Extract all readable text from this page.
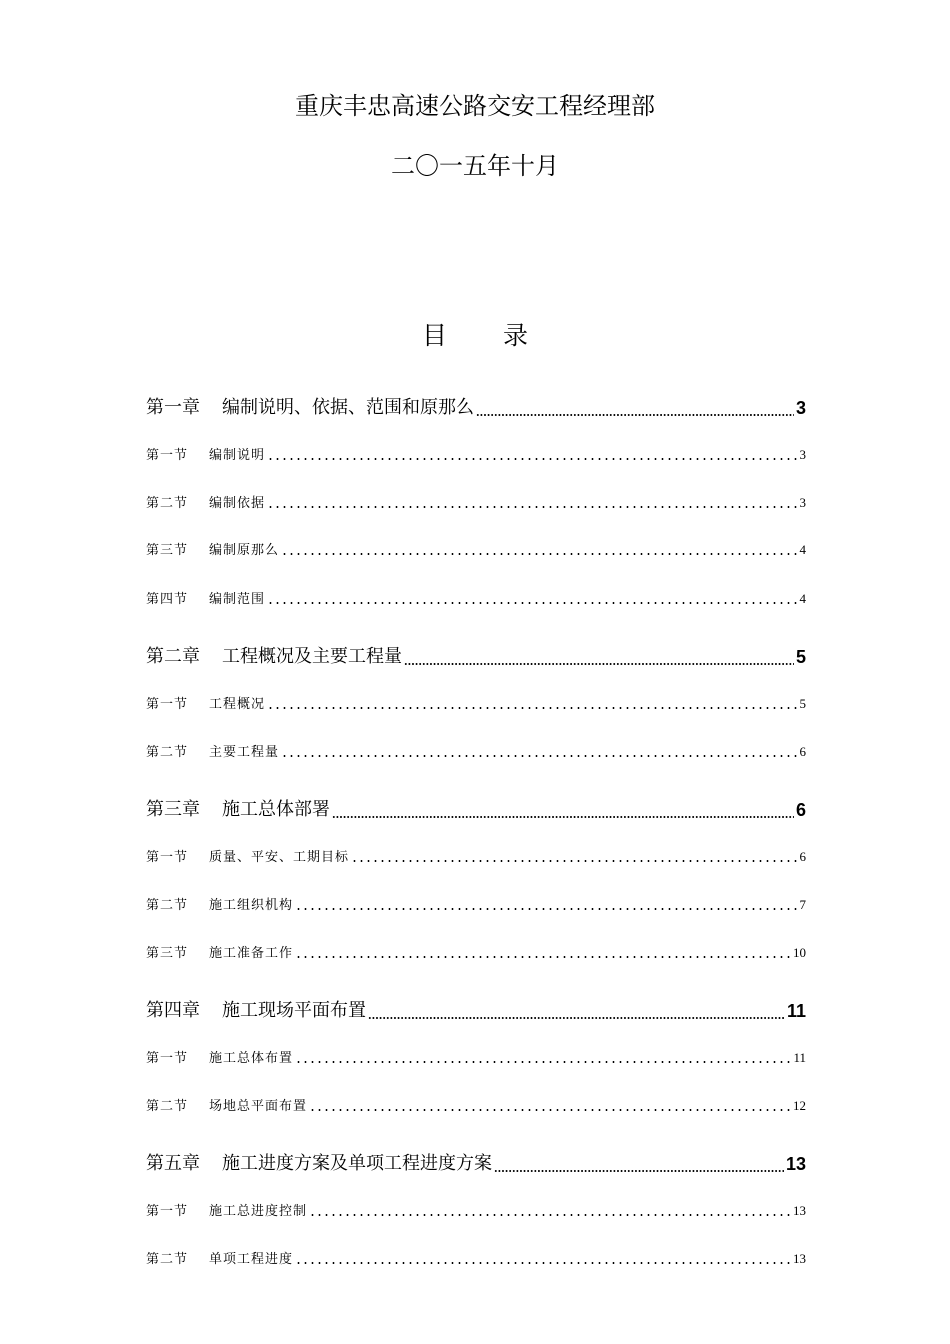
重庆丰忠高速公路交安工程经理部
二〇一五年十月
目 录
第一章	编制说明、依据、范围和原那么	3
第一节	编制说明	3
第二节	编制依据	3
第三节	编制原那么	4
第四节	编制范围	4
第二章	工程概况及主要工程量	5
第一节	工程概况	5
第二节	主要工程量	6
第三章	施工总体部署	6
第一节	质量、平安、工期目标	6
第二节	施工组织机构	7
第三节	施工准备工作	10
第四章	施工现场平面布置	11
第一节	施工总体布置	11
第二节	场地总平面布置	12
第五章	施工进度方案及单项工程进度方案	13
第一节	施工总进度控制	13
第二节	单项工程进度	13
